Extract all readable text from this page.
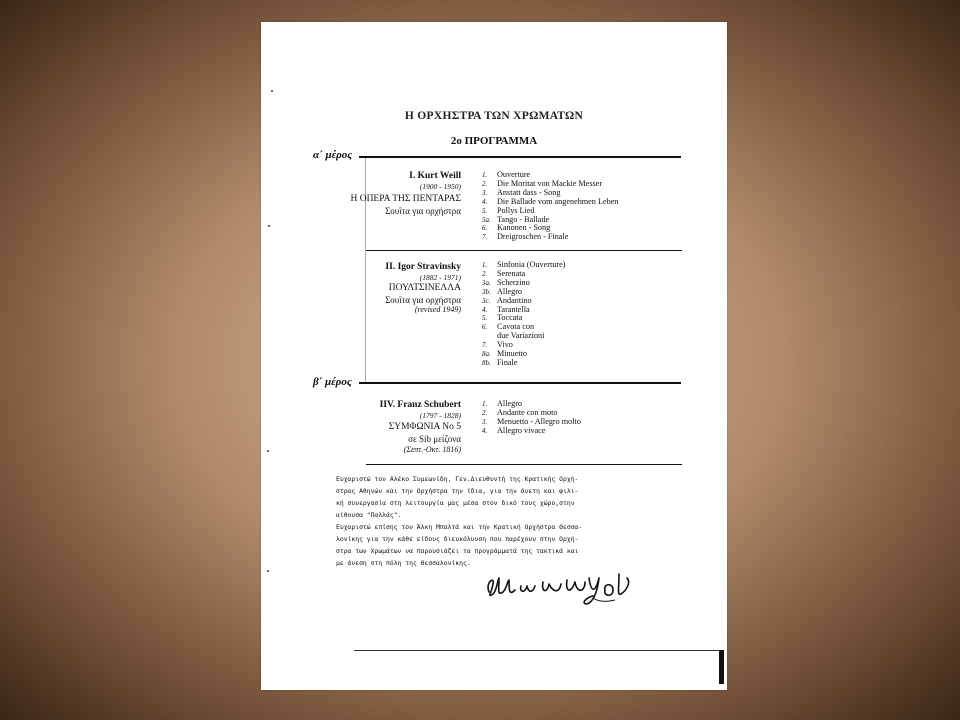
Η ΟΡΧΗΣΤΡΑ ΤΩΝ ΧΡΩΜΑΤΩΝ
2ο ΠΡΟΓΡΑΜΜΑ
α΄ μέρος
I. Kurt Weill
(1900 - 1950)
Η ΟΠΕΡΑ ΤΗΣ ΠΕΝΤΑΡΑΣ
Σουΐτα για ορχήστρα
1. Ouverture
2. Die Moritat von Mackie Messer
3. Anstatt dass - Song
4. Die Ballade vom angenehmen Leben
5. Pollys Lied
5a. Tango - Ballade
6. Kanonen - Song
7. Dreigroschen - Finale
II. Igor Stravinsky
(1882 - 1971)
ΠΟΥΛΤΣΙΝΕΛΛΑ
Σουΐτα για ορχήστρα
(revised 1949)
1. Sinfonia (Ouverture)
2. Serenata
3a. Scherzino
3b. Allegro
3c. Andantino
4. Tarantella
5. Toccata
6. Cavota con
due Variazioni
7. Vivo
8a. Minuetto
8b. Finale
β΄ μέρος
IIV. Franz Schubert
(1797 - 1828)
ΣΥΜΦΩΝΙΑ Νο 5
σε Sib μείζονα
(Σεπτ.-Οκτ. 1816)
1. Allegro
2. Andante con moto
3. Menuetto - Allegro molto
4. Allegro vivace
Ευχαριστώ τον Αλέκο Συμεωνίδη, Γεν.Διευθυντή της Κρατικής Ορχή-
στρας Αθηνών και την Ορχήστρα την ίδια, για την άνετη και φιλι-
κή συνεργασία στη λειτουργία μας μέσα στον δικό τους χώρο,στην
αίθουσα "Παλλάς".
Ευχαριστώ επίσης τον Άλκη Μπαλτά και την Κρατική Ορχήστρα Θεσσα-
λονίκης για την κάθε είδους διευκόλυνση που παρέχουν στην Ορχή-
στρα των Χρωμάτων να παρουσιάζει τα προγράμματά της τακτικά και
με άνεση στη πόλη της Θεσσαλονίκης.
